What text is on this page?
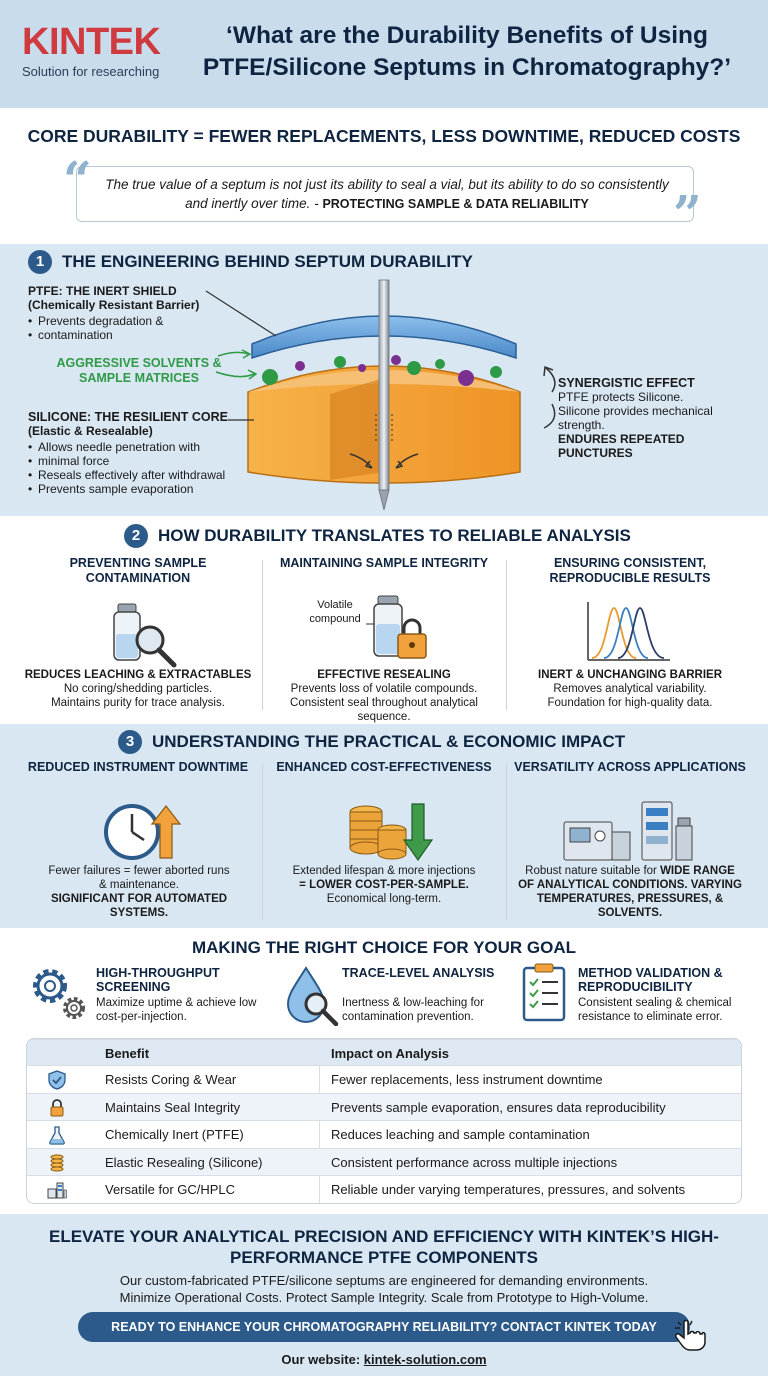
KINTEK
Solution for researching
‘What are the Durability Benefits of Using PTFE/Silicone Septums in Chromatography?’
CORE DURABILITY = FEWER REPLACEMENTS, LESS DOWNTIME, REDUCED COSTS
“ The true value of a septum is not just its ability to seal a vial, but its ability to do so consistently and inertly over time. - PROTECTING SAMPLE & DATA RELIABILITY	”
1 THE ENGINEERING BEHIND SEPTUM DURABILITY
PTFE: THE INERT SHIELD
(Chemically Resistant Barrier)
• Prevents degradation &
• contamination
AGGRESSIVE SOLVENTS & SAMPLE MATRICES
SILICONE: THE RESILIENT CORE
(Elastic & Resealable)
• Allows needle penetration with
• minimal force
• Reseals effectively after withdrawal
• Prevents sample evaporation
SYNERGISTIC EFFECT
PTFE protects Silicone.
Silicone provides mechanical strength.
ENDURES REPEATED PUNCTURES
2 HOW DURABILITY TRANSLATES TO RELIABLE ANALYSIS
PREVENTING SAMPLE CONTAMINATION
REDUCES LEACHING & EXTRACTABLES
No coring/shedding particles.
Maintains purity for trace analysis.
MAINTAINING SAMPLE INTEGRITY
Volatile compound
EFFECTIVE RESEALING
Prevents loss of volatile compounds.
Consistent seal throughout analytical sequence.
ENSURING CONSISTENT, REPRODUCIBLE RESULTS
INERT & UNCHANGING BARRIER
Removes analytical variability.
Foundation for high-quality data.
3 UNDERSTANDING THE PRACTICAL & ECONOMIC IMPACT
REDUCED INSTRUMENT DOWNTIME
Fewer failures = fewer aborted runs & maintenance.
SIGNIFICANT FOR AUTOMATED SYSTEMS.
ENHANCED COST-EFFECTIVENESS
Extended lifespan & more injections
= LOWER COST-PER-SAMPLE.
Economical long-term.
VERSATILITY ACROSS APPLICATIONS
Robust nature suitable for WIDE RANGE OF ANALYTICAL CONDITIONS. VARYING TEMPERATURES, PRESSURES, & SOLVENTS.
MAKING THE RIGHT CHOICE FOR YOUR GOAL
HIGH-THROUGHPUT SCREENING
Maximize uptime & achieve low cost-per-injection.
TRACE-LEVEL ANALYSIS
Inertness & low-leaching for contamination prevention.
METHOD VALIDATION & REPRODUCIBILITY
Consistent sealing & chemical resistance to eliminate error.
Benefit	Impact on Analysis
Resists Coring & Wear	Fewer replacements, less instrument downtime
Maintains Seal Integrity	Prevents sample evaporation, ensures data reproducibility
Chemically Inert (PTFE)	Reduces leaching and sample contamination
Elastic Resealing (Silicone)	Consistent performance across multiple injections
Versatile for GC/HPLC	Reliable under varying temperatures, pressures, and solvents
ELEVATE YOUR ANALYTICAL PRECISION AND EFFICIENCY WITH KINTEK’S HIGH-PERFORMANCE PTFE COMPONENTS
Our custom-fabricated PTFE/silicone septums are engineered for demanding environments.
Minimize Operational Costs. Protect Sample Integrity. Scale from Prototype to High-Volume.
READY TO ENHANCE YOUR CHROMATOGRAPHY RELIABILITY? CONTACT KINTEK TODAY
Our website: kintek-solution.com
